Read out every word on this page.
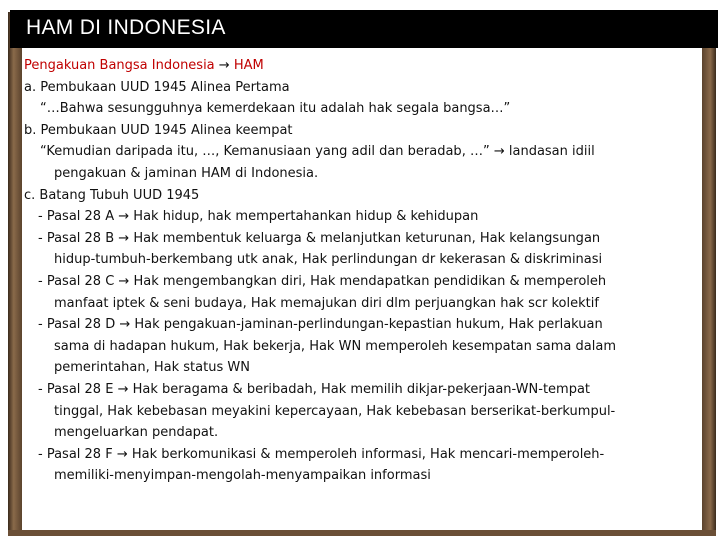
HAM DI INDONESIA
Pengakuan Bangsa Indonesia → HAM
a. Pembukaan UUD 1945 Alinea Pertama
“…Bahwa sesungguhnya kemerdekaan itu adalah hak segala bangsa…”
b. Pembukaan UUD 1945 Alinea keempat
“Kemudian daripada itu, …, Kemanusiaan yang adil dan beradab, …” → landasan idiil
pengakuan & jaminan HAM di Indonesia.
c. Batang Tubuh UUD 1945
- Pasal 28 A → Hak hidup, hak mempertahankan hidup & kehidupan
- Pasal 28 B → Hak membentuk keluarga & melanjutkan keturunan, Hak kelangsungan
hidup-tumbuh-berkembang utk anak, Hak perlindungan dr kekerasan & diskriminasi
- Pasal 28 C → Hak mengembangkan diri, Hak mendapatkan pendidikan & memperoleh
manfaat iptek & seni budaya, Hak memajukan diri dlm perjuangkan hak scr kolektif
- Pasal 28 D → Hak pengakuan-jaminan-perlindungan-kepastian hukum, Hak perlakuan
sama di hadapan hukum, Hak bekerja, Hak WN memperoleh kesempatan sama dalam
pemerintahan, Hak status WN
- Pasal 28 E → Hak beragama & beribadah, Hak memilih dikjar-pekerjaan-WN-tempat
tinggal, Hak kebebasan meyakini kepercayaan, Hak kebebasan berserikat-berkumpul-
mengeluarkan pendapat.
- Pasal 28 F → Hak berkomunikasi & memperoleh informasi, Hak mencari-memperoleh-
memiliki-menyimpan-mengolah-menyampaikan informasi
